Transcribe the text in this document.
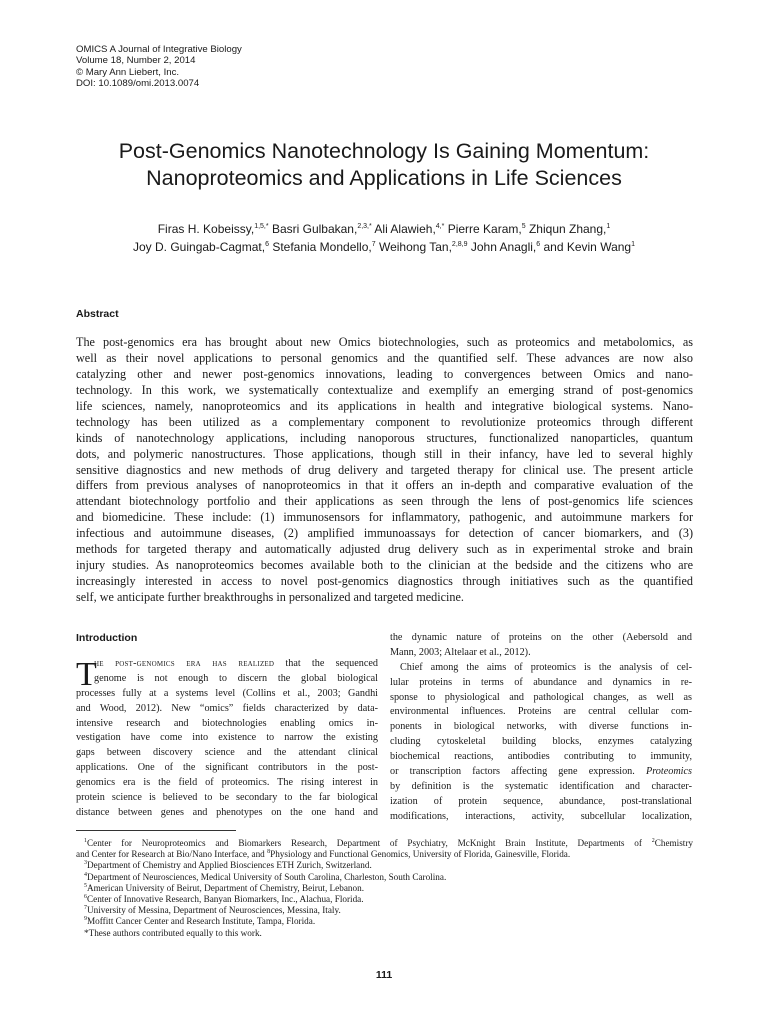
OMICS A Journal of Integrative Biology
Volume 18, Number 2, 2014
© Mary Ann Liebert, Inc.
DOI: 10.1089/omi.2013.0074
Post-Genomics Nanotechnology Is Gaining Momentum:
Nanoproteomics and Applications in Life Sciences
Firas H. Kobeissy,$^{1,5,*}$ Basri Gulbakan,$^{2,3,*}$ Ali Alawieh,$^{4,*}$ Pierre Karam,$^5$ Zhiqun Zhang,$^1$
Joy D. Guingab-Cagmat,$^6$ Stefania Mondello,$^7$ Weihong Tan,$^{2,8,9}$ John Anagli,$^6$ and Kevin Wang$^1$
Abstract
The post-genomics era has brought about new Omics biotechnologies, such as proteomics and metabolomics, as
well as their novel applications to personal genomics and the quantified self. These advances are now also
catalyzing other and newer post-genomics innovations, leading to convergences between Omics and nano-
technology. In this work, we systematically contextualize and exemplify an emerging strand of post-genomics
life sciences, namely, nanoproteomics and its applications in health and integrative biological systems. Nano-
technology has been utilized as a complementary component to revolutionize proteomics through different
kinds of nanotechnology applications, including nanoporous structures, functionalized nanoparticles, quantum
dots, and polymeric nanostructures. Those applications, though still in their infancy, have led to several highly
sensitive diagnostics and new methods of drug delivery and targeted therapy for clinical use. The present article
differs from previous analyses of nanoproteomics in that it offers an in-depth and comparative evaluation of the
attendant biotechnology portfolio and their applications as seen through the lens of post-genomics life sciences
and biomedicine. These include: (1) immunosensors for inflammatory, pathogenic, and autoimmune markers for
infectious and autoimmune diseases, (2) amplified immunoassays for detection of cancer biomarkers, and (3)
methods for targeted therapy and automatically adjusted drug delivery such as in experimental stroke and brain
injury studies. As nanoproteomics becomes available both to the clinician at the bedside and the citizens who are
increasingly interested in access to novel post-genomics diagnostics through initiatives such as the quantified
self, we anticipate further breakthroughs in personalized and targeted medicine.
Introduction
T
he post-genomics era has realized that the sequenced
genome is not enough to discern the global biological
processes fully at a systems level (Collins et al., 2003; Gandhi
and Wood, 2012). New “omics” fields characterized by data-
intensive research and biotechnologies enabling omics in-
vestigation have come into existence to narrow the existing
gaps between discovery science and the attendant clinical
applications. One of the significant contributors in the post-
genomics era is the field of proteomics. The rising interest in
protein science is believed to be secondary to the far biological
distance between genes and phenotypes on the one hand and
the dynamic nature of proteins on the other (Aebersold and
Mann, 2003; Altelaar et al., 2012).
Chief among the aims of proteomics is the analysis of cel-
lular proteins in terms of abundance and dynamics in re-
sponse to physiological and pathological changes, as well as
environmental influences. Proteins are central cellular com-
ponents in biological networks, with diverse functions in-
cluding cytoskeletal building blocks, enzymes catalyzing
biochemical reactions, antibodies contributing to immunity,
or transcription factors affecting gene expression. Proteomics
by definition is the systematic identification and character-
ization of protein sequence, abundance, post-translational
modifications, interactions, activity, subcellular localization,
$^1$Center for Neuroproteomics and Biomarkers Research, Department of Psychiatry, McKnight Brain Institute, Departments of $^2$Chemistry
and Center for Research at Bio/Nano Interface, and $^8$Physiology and Functional Genomics, University of Florida, Gainesville, Florida.
$^3$Department of Chemistry and Applied Biosciences ETH Zurich, Switzerland.
$^4$Department of Neurosciences, Medical University of South Carolina, Charleston, South Carolina.
$^5$American University of Beirut, Department of Chemistry, Beirut, Lebanon.
$^6$Center of Innovative Research, Banyan Biomarkers, Inc., Alachua, Florida.
$^7$University of Messina, Department of Neurosciences, Messina, Italy.
$^9$Moffitt Cancer Center and Research Institute, Tampa, Florida.
*These authors contributed equally to this work.
111
